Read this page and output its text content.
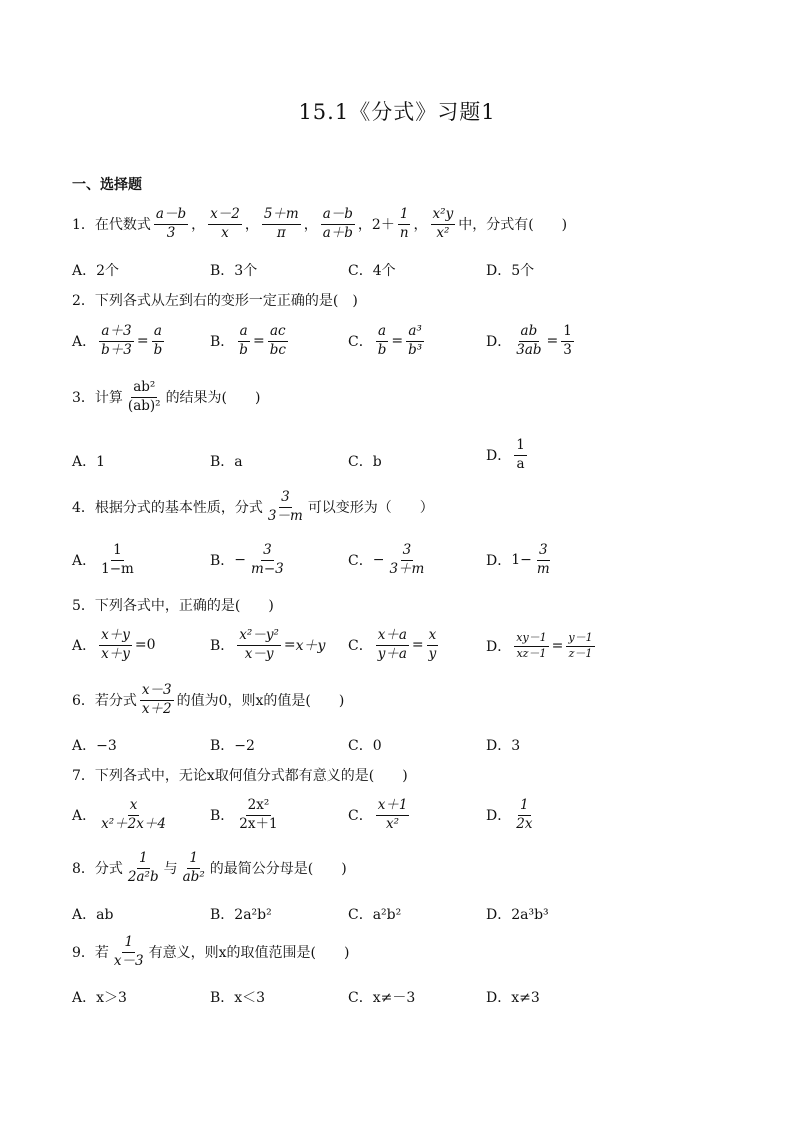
15.1《分式》习题1
一、选择题
1．在代数式 $\frac{a-b}{3}$ ， $\frac{x-2}{x}$ ， $\frac{5+m}{\pi}$ ， $\frac{a-b}{a+b}$ ， $2+ \frac{1}{n}$ ， $\frac{\text{x²y}}{\text{x²}}$ 中，分式有(　　)
A．2个	B．3个	C．4个	D．5个
2．下列各式从左到右的变形一定正确的是(　)
A． $\frac{a+3}{b+3} = \frac{a}{b}$	B． $\frac{a}{b} = \frac{ac}{bc}$	C． $\frac{a}{b} = \frac{\text{a³}}{\text{b³}}$	D． $\frac{ab}{3ab} = \frac{1}{3}$
3．计算 $\frac{\text{ab²}}{\text{(ab)²}}$ 的结果为(　　)
A．1	B．a	C．b	D． $\frac{1}{a}$
4．根据分式的基本性质，分式 $\frac{3}{3-m}$ 可以变形为（　　）
A． $\frac{1}{1-m}$	B． − $\frac{3}{m-3}$	C． − $\frac{3}{3+m}$	D． $1- \frac{3}{m}$
5．下列各式中，正确的是(　　)
A． $\frac{x+y}{x+y} = 0$	B． $\frac{\text{x²－y²}}{x-y} = x+y$ C． $\frac{x+a}{y+a} = \frac{x}{y}$	D． $\frac{xy-1}{xz-1} = \frac{y-1}{z-1}$
6．若分式 $\frac{x-3}{x+2}$ 的值为0，则x的值是(　　)
A．−3	B．−2	C．0	D．3
7．下列各式中，无论x取何值分式都有意义的是(　　)
A． $\frac{x}{\text{x²＋2x＋4}}$	B． $\frac{\text{2x²}}{2x+1}$	C． $\frac{x+1}{\text{x²}}$	D． $\frac{1}{2x}$
8．分式 $\frac{1}{\text{2a²b}}$ 与 $\frac{1}{\text{ab²}}$ 的最简公分母是(　　)
A．ab	B．2a²b²	C．a²b²	D．2a³b³
9．若 $\frac{1}{x-3}$ 有意义，则x的取值范围是(　　)
A．x＞3	B．x＜3	C．x≠－3	D．x≠3
